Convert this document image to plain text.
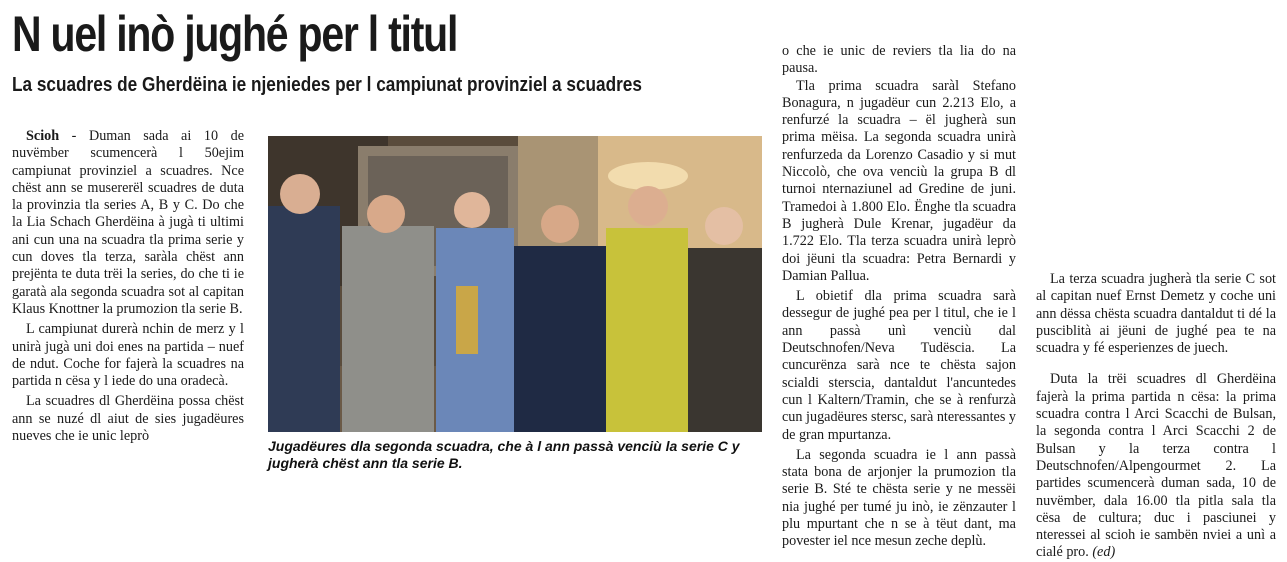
N uel inò jughé per l titul
La scuadres de Gherdëina ie njeniedes per l campiunat provinziel a scuadres

Scioh - Duman sada ai 10 de nuvëmber scumencerà l 50ejim campiunat provinziel a scuadres. Nce chëst ann se musererël scuadres de duta la provinzia tla series A, B y C. Do che la Lia Schach Gherdëina à jugà ti ultimi ani cun una na scuadra tla prima serie y cun doves tla terza, saràla chëst ann prejënta te duta trëi la series, do che ti ie garatà ala segonda scuadra sot al capitan Klaus Knottner la prumozion tla serie B.

L campiunat durerà nchin de merz y l unirà jugà uni doi enes na partida – nuef de ndut. Coche for fajerà la scuadres na partida n cësa y l iede do una oradecà.

La scuadres dl Gherdëina possa chëst ann se nuzé dl aiut de sies jugadëures nueves che ie unic leprò

Jugadëures dla segonda scuadra, che à l ann passà venciù la serie C y jugherà chëst ann tla serie B.

o che ie unic de reviers tla lia do na pausa.

Tla prima scuadra saràl Stefano Bonagura, n jugadëur cun 2.213 Elo, a renfurzé la scuadra – ël jugherà sun prima mëisa. La segonda scuadra unirà renfurzeda da Lorenzo Casadio y si mut Niccolò, che ova venciù la grupa B dl turnoi nternaziunel ad Gredine de juni. Tramedoi à 1.800 Elo. Ënghe tla scuadra B jugherà Dule Krenar, jugadëur da 1.722 Elo. Tla terza scuadra unirà leprò doi jëuni tla scuadra: Petra Bernardi y Damian Pallua.

L obietif dla prima scuadra sarà dessegur de jughé pea per l titul, che ie l ann passà unì venciù dal Deutschnofen/Neva Tudëscia. La cuncurënza sarà nce te chësta sajon scialdi sterscia, dantaldut l'ancuntedes cun l Kaltern/Tramin, che se à renfurzà cun jugadëures stersc, sarà nteressantes y de gran mpurtanza.

La segonda scuadra ie l ann passà stata bona de arjonjer la prumozion tla serie B. Sté te chësta serie y ne messëi nia jughé per tumé ju inò, ie zënzauter l plu mpurtant che n se à tëut dant, ma povester iel nce mesun zeche deplù.

La terza scuadra jugherà tla serie C sot al capitan nuef Ernst Demetz y coche uni ann dëssa chësta scuadra dantaldut ti dé la pusciblità ai jëuni de jughé pea te na scuadra y fé esperienzes de juech.

Duta la trëi scuadres dl Gherdëina fajerà la prima partida n cësa: la prima scuadra contra l Arci Scacchi de Bulsan, la segonda contra l Arci Scacchi 2 de Bulsan y la terza contra l Deutschnofen/Alpengourmet 2. La partides scumencerà duman sada, 10 de nuvëmber, dala 16.00 tla pitla sala tla cësa de cultura; duc i pasciunei y nteressei al scioh ie sambën nviei a unì a cialé pro. (ed)
